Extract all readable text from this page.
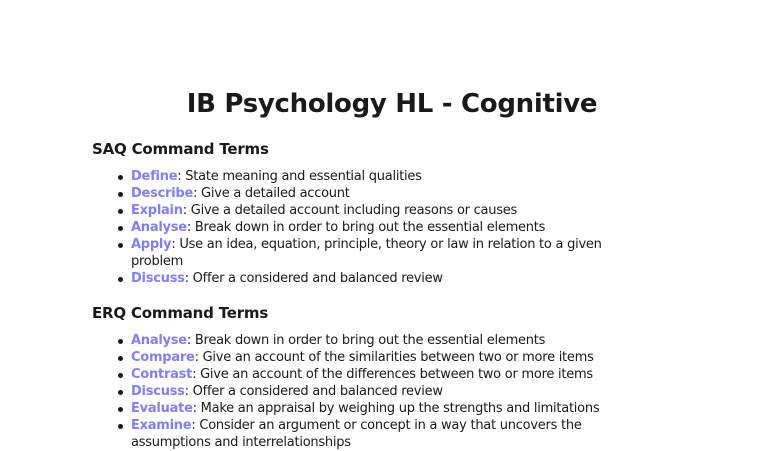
IB Psychology HL - Cognitive
SAQ Command Terms
Define: State meaning and essential qualities
Describe: Give a detailed account
Explain: Give a detailed account including reasons or causes
Analyse: Break down in order to bring out the essential elements
Apply: Use an idea, equation, principle, theory or law in relation to a given problem
Discuss: Offer a considered and balanced review
ERQ Command Terms
Analyse: Break down in order to bring out the essential elements
Compare: Give an account of the similarities between two or more items
Contrast: Give an account of the differences between two or more items
Discuss: Offer a considered and balanced review
Evaluate: Make an appraisal by weighing up the strengths and limitations
Examine: Consider an argument or concept in a way that uncovers the assumptions and interrelationships
